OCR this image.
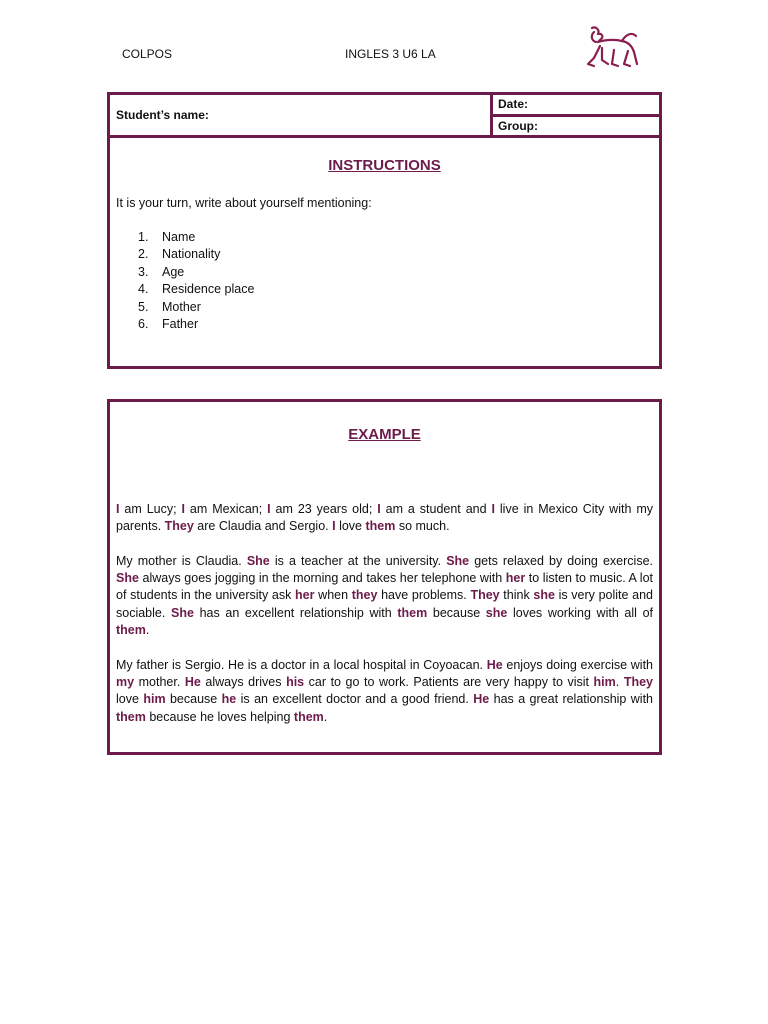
COLPOS	INGLES 3 U6 LA
Student’s name:
Date:
Group:
INSTRUCTIONS
It is your turn, write about yourself mentioning:
1. Name
2. Nationality
3. Age
4. Residence place
5. Mother
6. Father
EXAMPLE

I am Lucy; I am Mexican; I am 23 years old; I am a student and I live in Mexico City with my parents. They are Claudia and Sergio. I love them so much.

My mother is Claudia. She is a teacher at the university. She gets relaxed by doing exercise. She always goes jogging in the morning and takes her telephone with her to listen to music. A lot of students in the university ask her when they have problems. They think she is very polite and sociable. She has an excellent relationship with them because she loves working with all of them.

My father is Sergio. He is a doctor in a local hospital in Coyoacan. He enjoys doing exercise with my mother. He always drives his car to go to work. Patients are very happy to visit him. They love him because he is an excellent doctor and a good friend. He has a great relationship with them because he loves helping them.
